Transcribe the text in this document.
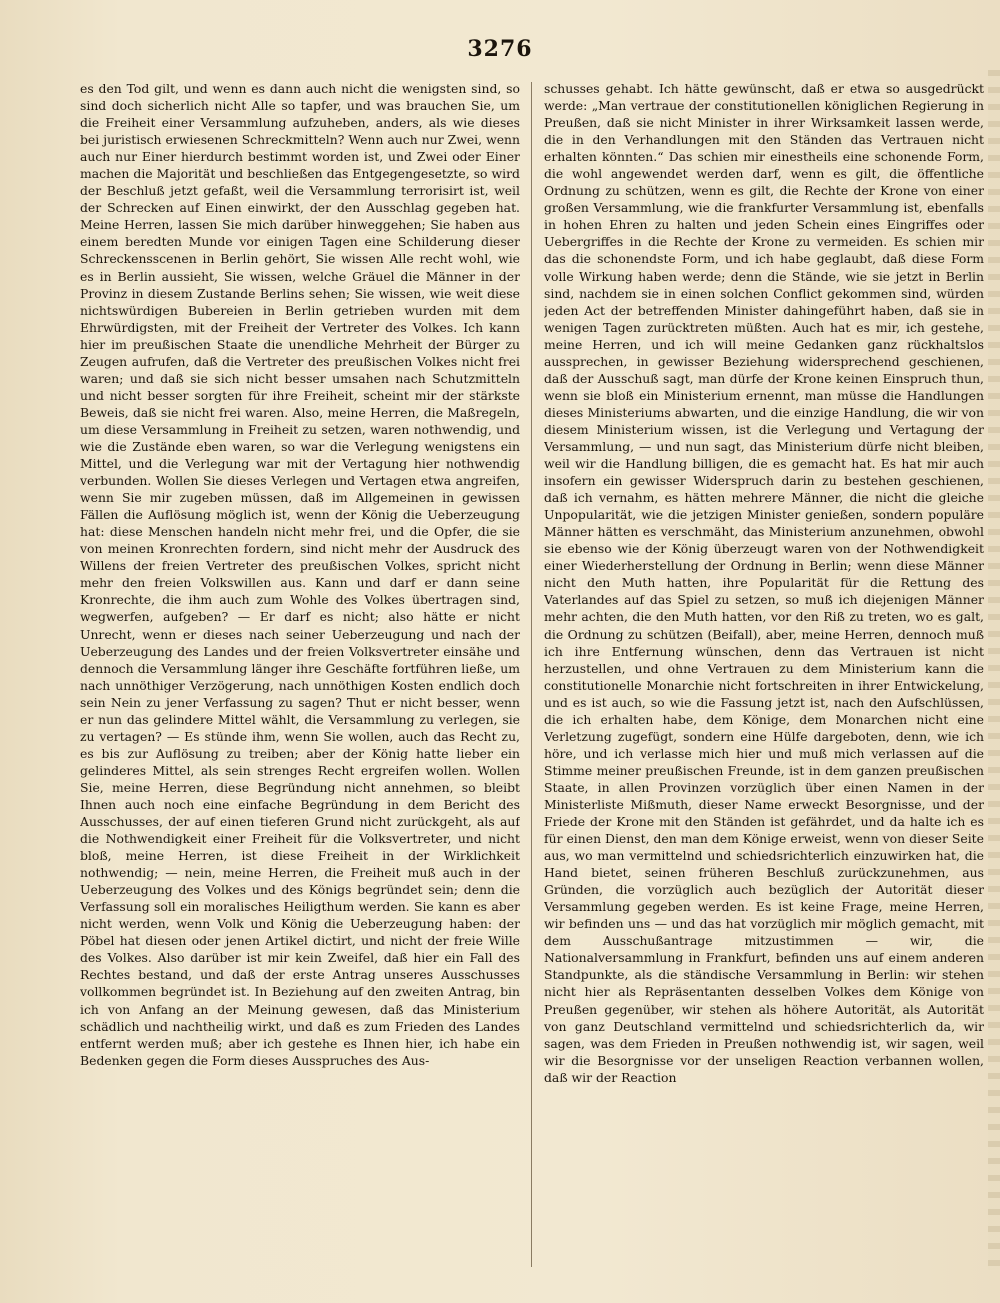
3276

es den Tod gilt, und wenn es dann auch nicht die wenigsten sind, so sind doch sicherlich nicht Alle so tapfer, und was brauchen Sie, um die Freiheit einer Versammlung aufzuheben, anders, als wie dieses bei juristisch erwiesenen Schreckmitteln? Wenn auch nur Zwei, wenn auch nur Einer hierdurch bestimmt worden ist, und Zwei oder Einer machen die Majorität und beschließen das Entgegengesetzte, so wird der Beschluß jetzt gefaßt, weil die Versammlung terrorisirt ist, weil der Schrecken auf Einen einwirkt, der den Ausschlag gegeben hat. Meine Herren, lassen Sie mich darüber hinweggehen; Sie haben aus einem beredten Munde vor einigen Tagen eine Schilderung dieser Schreckensscenen in Berlin gehört, Sie wissen Alle recht wohl, wie es in Berlin aussieht, Sie wissen, welche Gräuel die Männer in der Provinz in diesem Zustande Berlins sehen; Sie wissen, wie weit diese nichtswürdigen Bubereien in Berlin getrieben wurden mit dem Ehrwürdigsten, mit der Freiheit der Vertreter des Volkes. Ich kann hier im preußischen Staate die unendliche Mehrheit der Bürger zu Zeugen aufrufen, daß die Vertreter des preußischen Volkes nicht frei waren; und daß sie sich nicht besser umsahen nach Schutzmitteln und nicht besser sorgten für ihre Freiheit, scheint mir der stärkste Beweis, daß sie nicht frei waren. Also, meine Herren, die Maßregeln, um diese Versammlung in Freiheit zu setzen, waren nothwendig, und wie die Zustände eben waren, so war die Verlegung wenigstens ein Mittel, und die Verlegung war mit der Vertagung hier nothwendig verbunden. Wollen Sie dieses Verlegen und Vertagen etwa angreifen, wenn Sie mir zugeben müssen, daß im Allgemeinen in gewissen Fällen die Auflösung möglich ist, wenn der König die Ueberzeugung hat: diese Menschen handeln nicht mehr frei, und die Opfer, die sie von meinen Kronrechten fordern, sind nicht mehr der Ausdruck des Willens der freien Vertreter des preußischen Volkes, spricht nicht mehr den freien Volkswillen aus. Kann und darf er dann seine Kronrechte, die ihm auch zum Wohle des Volkes übertragen sind, wegwerfen, aufgeben? — Er darf es nicht; also hätte er nicht Unrecht, wenn er dieses nach seiner Ueberzeugung und nach der Ueberzeugung des Landes und der freien Volksvertreter einsähe und dennoch die Versammlung länger ihre Geschäfte fortführen ließe, um nach unnöthiger Verzögerung, nach unnöthigen Kosten endlich doch sein Nein zu jener Verfassung zu sagen? Thut er nicht besser, wenn er nun das gelindere Mittel wählt, die Versammlung zu verlegen, sie zu vertagen? — Es stünde ihm, wenn Sie wollen, auch das Recht zu, es bis zur Auflösung zu treiben; aber der König hatte lieber ein gelinderes Mittel, als sein strenges Recht ergreifen wollen. Wollen Sie, meine Herren, diese Begründung nicht annehmen, so bleibt Ihnen auch noch eine einfache Begründung in dem Bericht des Ausschusses, der auf einen tieferen Grund nicht zurückgeht, als auf die Nothwendigkeit einer Freiheit für die Volksvertreter, und nicht bloß, meine Herren, ist diese Freiheit in der Wirklichkeit nothwendig; — nein, meine Herren, die Freiheit muß auch in der Ueberzeugung des Volkes und des Königs begründet sein; denn die Verfassung soll ein moralisches Heiligthum werden. Sie kann es aber nicht werden, wenn Volk und König die Ueberzeugung haben: der Pöbel hat diesen oder jenen Artikel dictirt, und nicht der freie Wille des Volkes. Also darüber ist mir kein Zweifel, daß hier ein Fall des Rechtes bestand, und daß der erste Antrag unseres Ausschusses vollkommen begründet ist. In Beziehung auf den zweiten Antrag, bin ich von Anfang an der Meinung gewesen, daß das Ministerium schädlich und nachtheilig wirkt, und daß es zum Frieden des Landes entfernt werden muß; aber ich gestehe es Ihnen hier, ich habe ein Bedenken gegen die Form dieses Ausspruches des Aus-

schusses gehabt. Ich hätte gewünscht, daß er etwa so ausgedrückt werde: „Man vertraue der constitutionellen königlichen Regierung in Preußen, daß sie nicht Minister in ihrer Wirksamkeit lassen werde, die in den Verhandlungen mit den Ständen das Vertrauen nicht erhalten könnten.“ Das schien mir einestheils eine schonende Form, die wohl angewendet werden darf, wenn es gilt, die öffentliche Ordnung zu schützen, wenn es gilt, die Rechte der Krone von einer großen Versammlung, wie die frankfurter Versammlung ist, ebenfalls in hohen Ehren zu halten und jeden Schein eines Eingriffes oder Uebergriffes in die Rechte der Krone zu vermeiden. Es schien mir das die schonendste Form, und ich habe geglaubt, daß diese Form volle Wirkung haben werde; denn die Stände, wie sie jetzt in Berlin sind, nachdem sie in einen solchen Conflict gekommen sind, würden jeden Act der betreffenden Minister dahingeführt haben, daß sie in wenigen Tagen zurücktreten müßten. Auch hat es mir, ich gestehe, meine Herren, und ich will meine Gedanken ganz rückhaltslos aussprechen, in gewisser Beziehung widersprechend geschienen, daß der Ausschuß sagt, man dürfe der Krone keinen Einspruch thun, wenn sie bloß ein Ministerium ernennt, man müsse die Handlungen dieses Ministeriums abwarten, und die einzige Handlung, die wir von diesem Ministerium wissen, ist die Verlegung und Vertagung der Versammlung, — und nun sagt, das Ministerium dürfe nicht bleiben, weil wir die Handlung billigen, die es gemacht hat. Es hat mir auch insofern ein gewisser Widerspruch darin zu bestehen geschienen, daß ich vernahm, es hätten mehrere Männer, die nicht die gleiche Unpopularität, wie die jetzigen Minister genießen, sondern populäre Männer hätten es verschmäht, das Ministerium anzunehmen, obwohl sie ebenso wie der König überzeugt waren von der Nothwendigkeit einer Wiederherstellung der Ordnung in Berlin; wenn diese Männer nicht den Muth hatten, ihre Popularität für die Rettung des Vaterlandes auf das Spiel zu setzen, so muß ich diejenigen Männer mehr achten, die den Muth hatten, vor den Riß zu treten, wo es galt, die Ordnung zu schützen (Beifall), aber, meine Herren, dennoch muß ich ihre Entfernung wünschen, denn das Vertrauen ist nicht herzustellen, und ohne Vertrauen zu dem Ministerium kann die constitutionelle Monarchie nicht fortschreiten in ihrer Entwickelung, und es ist auch, so wie die Fassung jetzt ist, nach den Aufschlüssen, die ich erhalten habe, dem Könige, dem Monarchen nicht eine Verletzung zugefügt, sondern eine Hülfe dargeboten, denn, wie ich höre, und ich verlasse mich hier und muß mich verlassen auf die Stimme meiner preußischen Freunde, ist in dem ganzen preußischen Staate, in allen Provinzen vorzüglich über einen Namen in der Ministerliste Mißmuth, dieser Name erweckt Besorgnisse, und der Friede der Krone mit den Ständen ist gefährdet, und da halte ich es für einen Dienst, den man dem Könige erweist, wenn von dieser Seite aus, wo man vermittelnd und schiedsrichterlich einzuwirken hat, die Hand bietet, seinen früheren Beschluß zurückzunehmen, aus Gründen, die vorzüglich auch bezüglich der Autorität dieser Versammlung gegeben werden. Es ist keine Frage, meine Herren, wir befinden uns — und das hat vorzüglich mir möglich gemacht, mit dem Ausschußantrage mitzustimmen — wir, die Nationalversammlung in Frankfurt, befinden uns auf einem anderen Standpunkte, als die ständische Versammlung in Berlin: wir stehen nicht hier als Repräsentanten desselben Volkes dem Könige von Preußen gegenüber, wir stehen als höhere Autorität, als Autorität von ganz Deutschland vermittelnd und schiedsrichterlich da, wir sagen, was dem Frieden in Preußen nothwendig ist, wir sagen, weil wir die Besorgnisse vor der unseligen Reaction verbannen wollen, daß wir der Reaction
